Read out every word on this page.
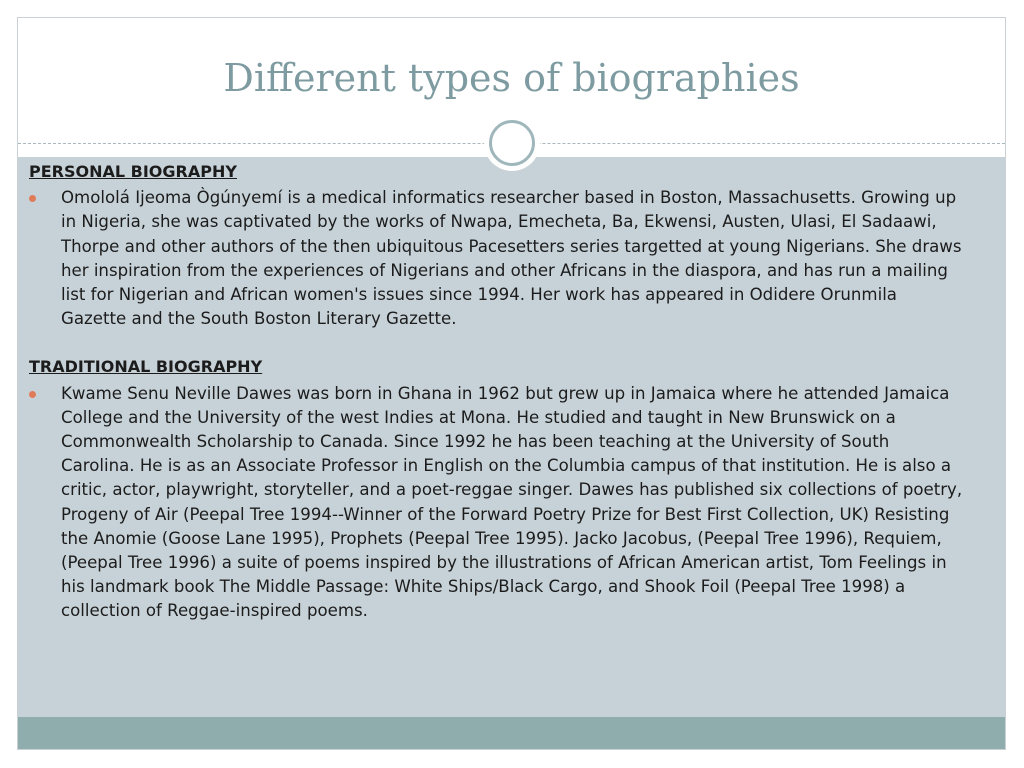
Different types of biographies
PERSONAL BIOGRAPHY
Omololá Ijeoma Ògúnyemí is a medical informatics researcher based in Boston, Massachusetts. Growing up in Nigeria, she was captivated by the works of Nwapa, Emecheta, Ba, Ekwensi, Austen, Ulasi, El Sadaawi, Thorpe and other authors of the then ubiquitous Pacesetters series targetted at young Nigerians. She draws her inspiration from the experiences of Nigerians and other Africans in the diaspora, and has run a mailing list for Nigerian and African women's issues since 1994. Her work has appeared in Odidere Orunmila Gazette and the South Boston Literary Gazette.
TRADITIONAL BIOGRAPHY
Kwame Senu Neville Dawes was born in Ghana in 1962 but grew up in Jamaica where he attended Jamaica College and the University of the west Indies at Mona. He studied and taught in New Brunswick on a Commonwealth Scholarship to Canada. Since 1992 he has been teaching at the University of South Carolina. He is as an Associate Professor in English on the Columbia campus of that institution. He is also a critic, actor, playwright, storyteller, and a poet-reggae singer. Dawes has published six collections of poetry, Progeny of Air (Peepal Tree 1994--Winner of the Forward Poetry Prize for Best First Collection, UK) Resisting the Anomie (Goose Lane 1995), Prophets (Peepal Tree 1995). Jacko Jacobus, (Peepal Tree 1996), Requiem, (Peepal Tree 1996) a suite of poems inspired by the illustrations of African American artist, Tom Feelings in his landmark book The Middle Passage: White Ships/Black Cargo, and Shook Foil (Peepal Tree 1998) a collection of Reggae-inspired poems.
